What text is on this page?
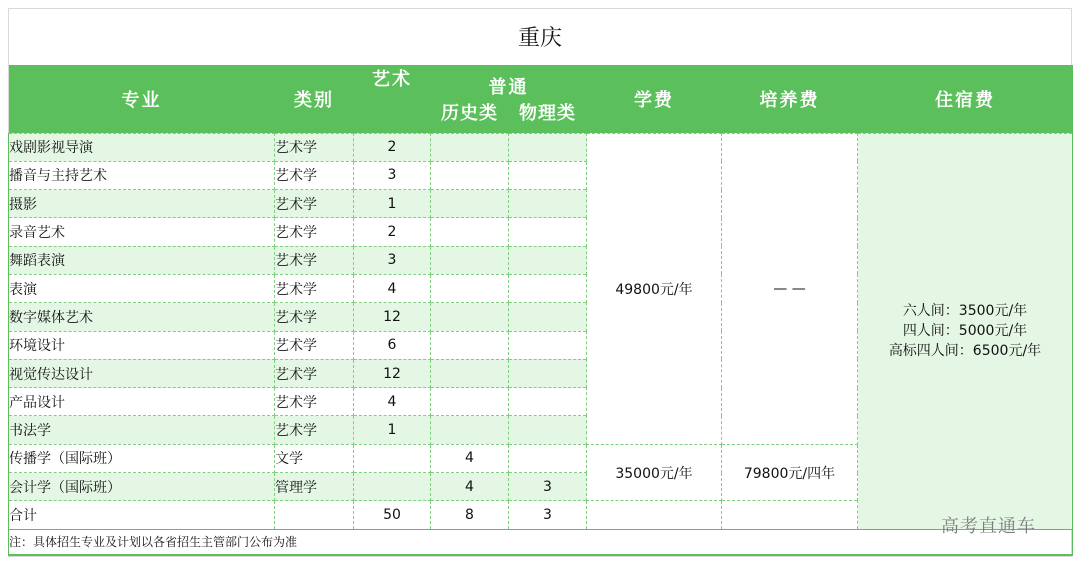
重庆
专业	类别	艺术	普通		学费	培养费	住宿费
			历史类	物理类			
戏剧影视导演	艺术学	2			49800元/年	— —	六人间：3500元/年
四人间：5000元/年
高标四人间：6500元/年

播音与主持艺术	艺术学	3					
摄影	艺术学	1					
录音艺术	艺术学	2					
舞蹈表演	艺术学	3					
表演	艺术学	4					
数字媒体艺术	艺术学	12					
环境设计	艺术学	6					
视觉传达设计	艺术学	12					
产品设计	艺术学	4					
书法学	艺术学	1					
传播学（国际班）	文学		4		35000元/年	79800元/四年	
会计学（国际班）	管理学		4	3			
合计		50	8	3			
注：具体招生专业及计划以各省招生主管部门公布为准							
高考直通车
